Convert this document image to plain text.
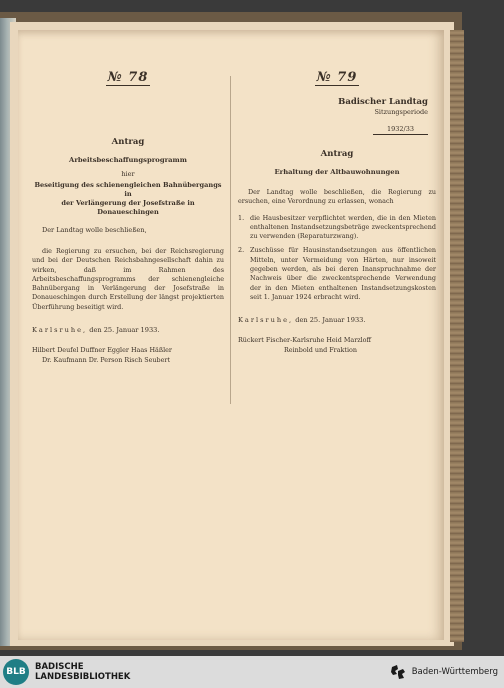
№ 78
Antrag
Arbeitsbeschaffungsprogramm
hier
Beseitigung des schienengleichen Bahnübergangs in
der Verlängerung der Josefstraße in Donaueschingen
Der Landtag wolle beschließen,
die Regierung zu ersuchen, bei der Reichsregierung und bei der Deutschen Reichsbahngesellschaft dahin zu wirken, daß im Rahmen des Arbeitsbeschaffungsprogramms der schienengleiche Bahnübergang in Verlängerung der Josefstraße in Donaueschingen durch Erstellung der längst projektierten Überführung beseitigt wird.
Karlsruhe, den 25. Januar 1933.
Hilbert Deufel Duffner Eggler Haas Häßler
Dr. Kaufmann Dr. Person Risch Seubert
№ 79
Badischer Landtag
Sitzungsperiode
1932/33
Antrag
Erhaltung der Altbauwohnungen
Der Landtag wolle beschließen, die Regierung zu ersuchen, eine Verordnung zu erlassen, wonach
1. die Hausbesitzer verpflichtet werden, die in den Mieten enthaltenen Instandsetzungsbeträge zweckentsprechend zu verwenden (Reparaturzwang).
2. Zuschüsse für Hausinstandsetzungen aus öffentlichen Mitteln, unter Vermeidung von Härten, nur insoweit gegeben werden, als bei deren Inanspruchnahme der Nachweis über die zweckentsprechende Verwendung der in den Mieten enthaltenen Instandsetzungskosten seit 1. Januar 1924 erbracht wird.
Karlsruhe, den 25. Januar 1933.
Rückert Fischer-Karlsruhe Heid Marzloff
Reinbold und Fraktion
BLB	BADISCHE
LANDESBIBLIOTHEK	Baden-Württemberg
